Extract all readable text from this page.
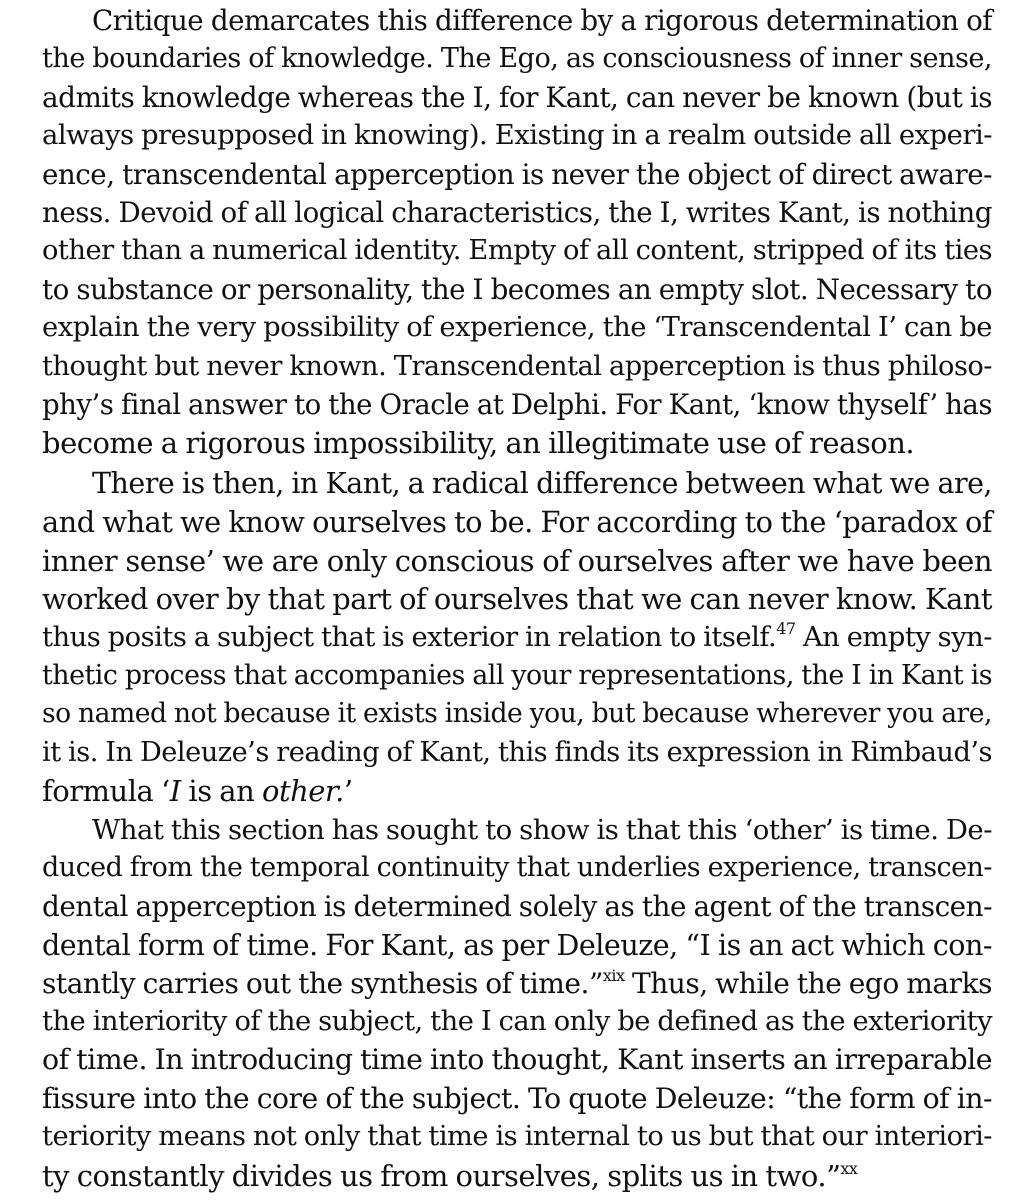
Critique demarcates this difference by a rigorous determination of
the boundaries of knowledge. The Ego, as consciousness of inner sense,
admits knowledge whereas the I, for Kant, can never be known (but is
always presupposed in knowing). Existing in a realm outside all experi-
ence, transcendental apperception is never the object of direct aware-
ness. Devoid of all logical characteristics, the I, writes Kant, is nothing
other than a numerical identity. Empty of all content, stripped of its ties
to substance or personality, the I becomes an empty slot. Necessary to
explain the very possibility of experience, the ‘Transcendental I’ can be
thought but never known. Transcendental apperception is thus philoso-
phy’s final answer to the Oracle at Delphi. For Kant, ‘know thyself’ has
become a rigorous impossibility, an illegitimate use of reason.
There is then, in Kant, a radical difference between what we are,
and what we know ourselves to be. For according to the ‘paradox of
inner sense’ we are only conscious of ourselves after we have been
worked over by that part of ourselves that we can never know. Kant
thus posits a subject that is exterior in relation to itself.$^{47}$ An empty syn-
thetic process that accompanies all your representations, the I in Kant is
so named not because it exists inside you, but because wherever you are,
it is. In Deleuze’s reading of Kant, this finds its expression in Rimbaud’s
formula ‘I is an other.’
What this section has sought to show is that this ‘other’ is time. De-
duced from the temporal continuity that underlies experience, transcen-
dental apperception is determined solely as the agent of the transcen-
dental form of time. For Kant, as per Deleuze, “I is an act which con-
stantly carries out the synthesis of time.”$^{xix}$ Thus, while the ego marks
the interiority of the subject, the I can only be defined as the exteriority
of time. In introducing time into thought, Kant inserts an irreparable
fissure into the core of the subject. To quote Deleuze: “the form of in-
teriority means not only that time is internal to us but that our interiori-
ty constantly divides us from ourselves, splits us in two.”$^{xx}$
